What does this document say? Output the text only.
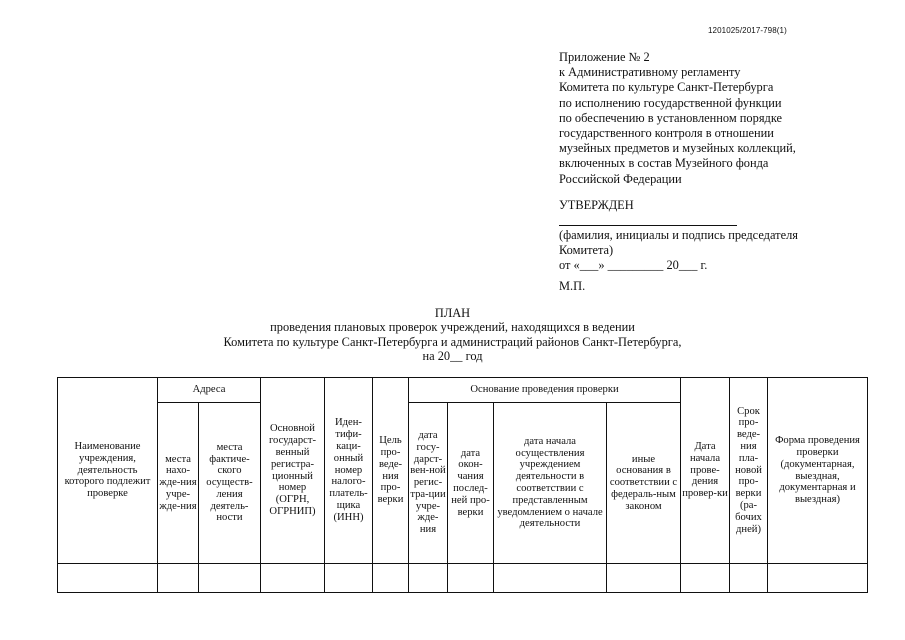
1201025/2017-798(1)
Приложение № 2
к Административному регламенту
Комитета по культуре Санкт-Петербурга
по исполнению государственной функции
по обеспечению в установленном порядке
государственного контроля в отношении
музейных предметов и музейных коллекций,
включенных в состав Музейного фонда
Российской Федерации
УТВЕРЖДЕН
(фамилия, инициалы и подпись председателя
Комитета)
от «___» _________ 20___ г.
М.П.
ПЛАН
проведения плановых проверок учреждений, находящихся в ведении
Комитета по культуре Санкт-Петербурга и администраций районов Санкт-Петербурга,
на 20__ год
Наименование учреждения, деятельность которого подлежит проверке	Адреса		Основной государст-венный регистра-ционный номер (ОГРН, ОГРНИП)	Иден-тифи-каци-онный номер налого-платель-щика (ИНН)	Цель про-веде-ния про-верки	Основание проведения проверки				Дата начала прове-дения провер-ки	Срок про-веде-ния пла-новой про-верки (ра-бочих дней)	Форма проведения проверки (документарная, выездная, документарная и выездная)
	места нахо-жде-ния учре-жде-ния	места фактиче-ского осуществ-ления деятель-ности				дата госу-дарст-вен-ной регис-тра-ции учре-жде-ния	дата окон-чания послед-ней про-верки	дата начала осуществления учреждением деятельности в соответствии с представленным уведомлением о начале деятельности	иные основания в соответствии с федераль-ным законом			
